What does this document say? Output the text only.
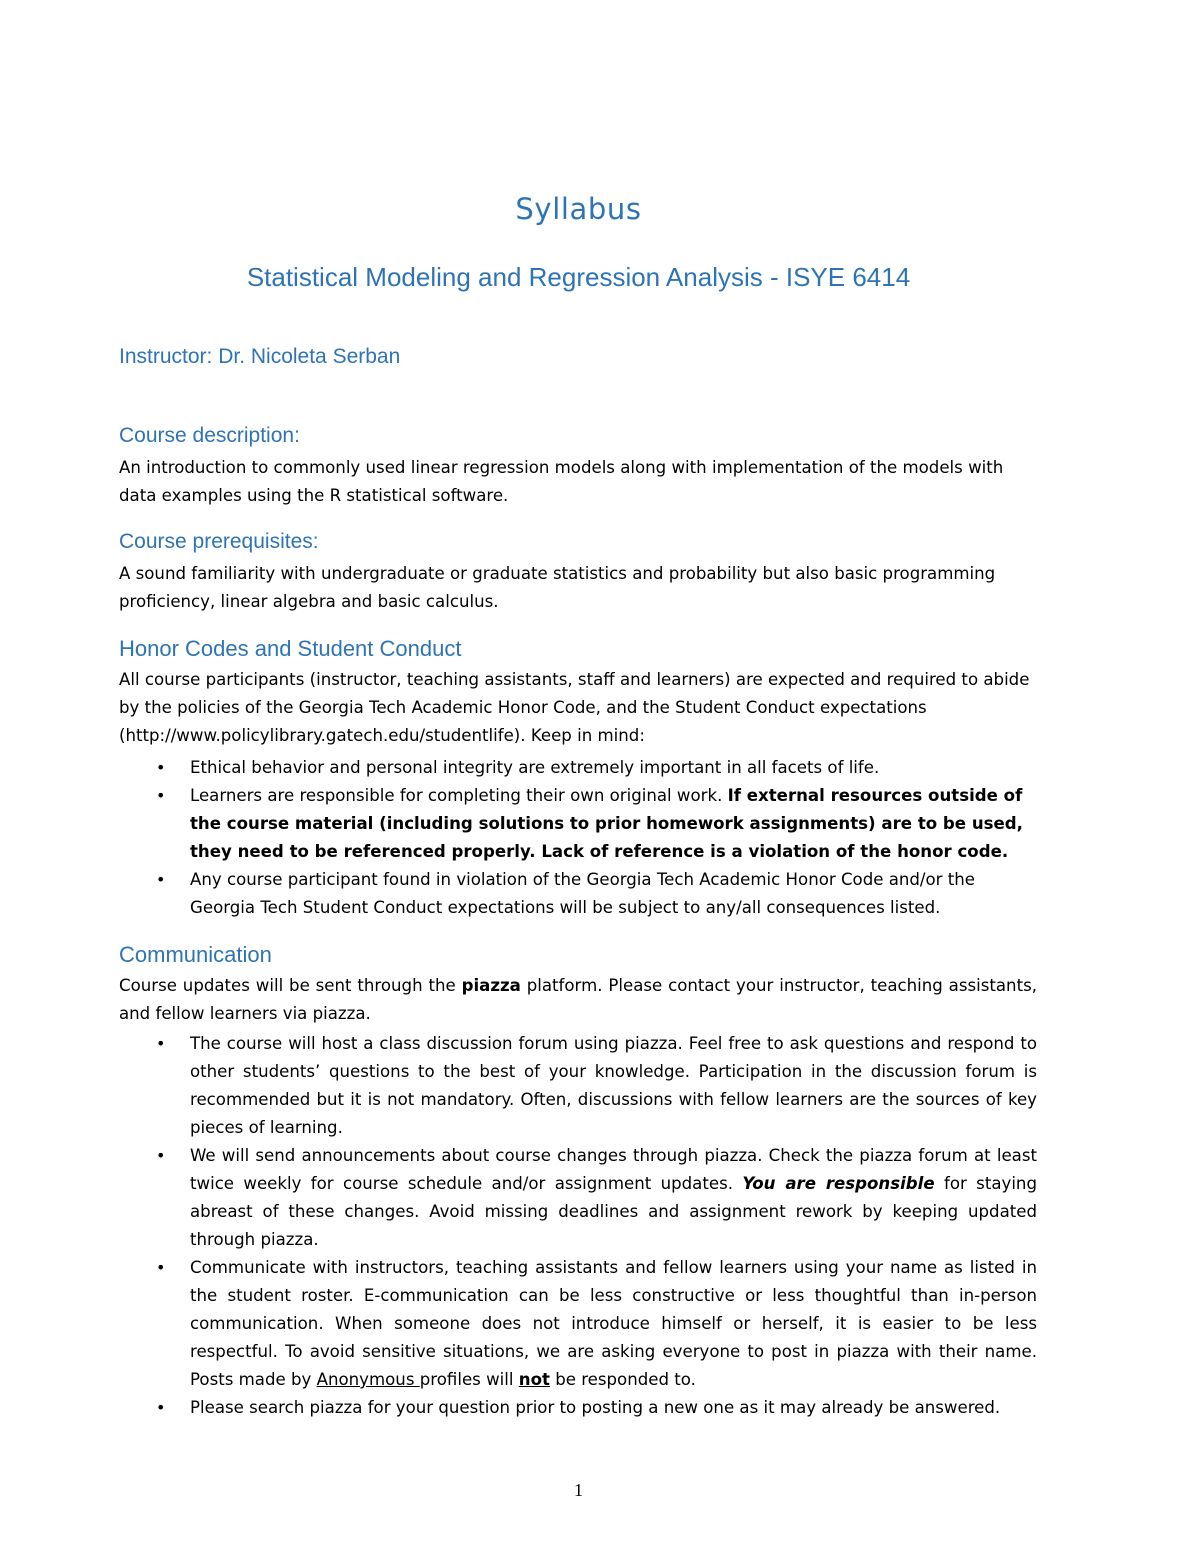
Syllabus
Statistical Modeling and Regression Analysis - ISYE 6414
Instructor: Dr. Nicoleta Serban
Course description:

An introduction to commonly used linear regression models along with implementation of the models with data examples using the R statistical software.

Course prerequisites:

A sound familiarity with undergraduate or graduate statistics and probability but also basic programming proficiency, linear algebra and basic calculus.

Honor Codes and Student Conduct

All course participants (instructor, teaching assistants, staff and learners) are expected and required to abide by the policies of the Georgia Tech Academic Honor Code, and the Student Conduct expectations (http://www.policylibrary.gatech.edu/studentlife). Keep in mind:

• Ethical behavior and personal integrity are extremely important in all facets of life.
• Learners are responsible for completing their own original work. If external resources outside of the course material (including solutions to prior homework assignments) are to be used, they need to be referenced properly. Lack of reference is a violation of the honor code.
• Any course participant found in violation of the Georgia Tech Academic Honor Code and/or the Georgia Tech Student Conduct expectations will be subject to any/all consequences listed.
Communication

Course updates will be sent through the piazza platform. Please contact your instructor, teaching assistants, and fellow learners via piazza.

• The course will host a class discussion forum using piazza. Feel free to ask questions and respond to other students’ questions to the best of your knowledge. Participation in the discussion forum is recommended but it is not mandatory. Often, discussions with fellow learners are the sources of key pieces of learning.
• We will send announcements about course changes through piazza. Check the piazza forum at least twice weekly for course schedule and/or assignment updates. You are responsible for staying abreast of these changes. Avoid missing deadlines and assignment rework by keeping updated through piazza.
• Communicate with instructors, teaching assistants and fellow learners using your name as listed in the student roster. E-communication can be less constructive or less thoughtful than in-person communication. When someone does not introduce himself or herself, it is easier to be less respectful. To avoid sensitive situations, we are asking everyone to post in piazza with their name. Posts made by Anonymous profiles will not be responded to.
• Please search piazza for your question prior to posting a new one as it may already be answered.
1
